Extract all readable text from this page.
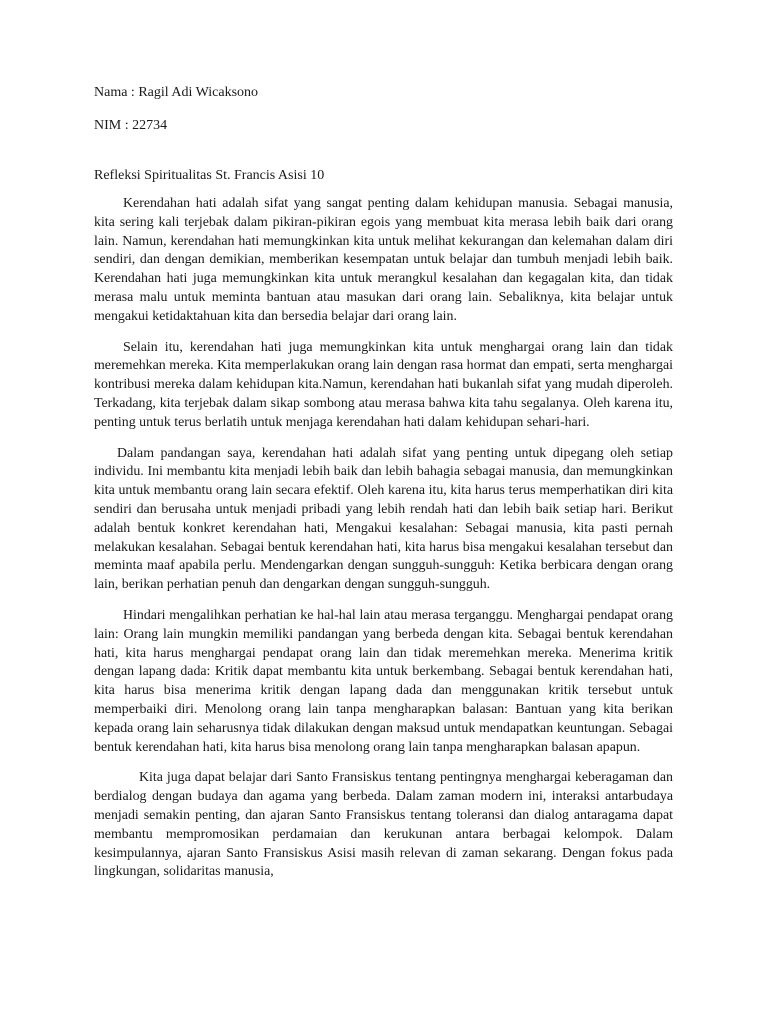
Nama : Ragil Adi Wicaksono

NIM : 22734

Refleksi Spiritualitas St. Francis Asisi 10

Kerendahan hati adalah sifat yang sangat penting dalam kehidupan manusia. Sebagai manusia, kita sering kali terjebak dalam pikiran-pikiran egois yang membuat kita merasa lebih baik dari orang lain. Namun, kerendahan hati memungkinkan kita untuk melihat kekurangan dan kelemahan dalam diri sendiri, dan dengan demikian, memberikan kesempatan untuk belajar dan tumbuh menjadi lebih baik. Kerendahan hati juga memungkinkan kita untuk merangkul kesalahan dan kegagalan kita, dan tidak merasa malu untuk meminta bantuan atau masukan dari orang lain. Sebaliknya, kita belajar untuk mengakui ketidaktahuan kita dan bersedia belajar dari orang lain.

Selain itu, kerendahan hati juga memungkinkan kita untuk menghargai orang lain dan tidak meremehkan mereka. Kita memperlakukan orang lain dengan rasa hormat dan empati, serta menghargai kontribusi mereka dalam kehidupan kita.Namun, kerendahan hati bukanlah sifat yang mudah diperoleh. Terkadang, kita terjebak dalam sikap sombong atau merasa bahwa kita tahu segalanya. Oleh karena itu, penting untuk terus berlatih untuk menjaga kerendahan hati dalam kehidupan sehari-hari.

Dalam pandangan saya, kerendahan hati adalah sifat yang penting untuk dipegang oleh setiap individu. Ini membantu kita menjadi lebih baik dan lebih bahagia sebagai manusia, dan memungkinkan kita untuk membantu orang lain secara efektif. Oleh karena itu, kita harus terus memperhatikan diri kita sendiri dan berusaha untuk menjadi pribadi yang lebih rendah hati dan lebih baik setiap hari. Berikut adalah bentuk konkret kerendahan hati, Mengakui kesalahan: Sebagai manusia, kita pasti pernah melakukan kesalahan. Sebagai bentuk kerendahan hati, kita harus bisa mengakui kesalahan tersebut dan meminta maaf apabila perlu. Mendengarkan dengan sungguh-sungguh: Ketika berbicara dengan orang lain, berikan perhatian penuh dan dengarkan dengan sungguh-sungguh.

Hindari mengalihkan perhatian ke hal-hal lain atau merasa terganggu. Menghargai pendapat orang lain: Orang lain mungkin memiliki pandangan yang berbeda dengan kita. Sebagai bentuk kerendahan hati, kita harus menghargai pendapat orang lain dan tidak meremehkan mereka. Menerima kritik dengan lapang dada: Kritik dapat membantu kita untuk berkembang. Sebagai bentuk kerendahan hati, kita harus bisa menerima kritik dengan lapang dada dan menggunakan kritik tersebut untuk memperbaiki diri. Menolong orang lain tanpa mengharapkan balasan: Bantuan yang kita berikan kepada orang lain seharusnya tidak dilakukan dengan maksud untuk mendapatkan keuntungan. Sebagai bentuk kerendahan hati, kita harus bisa menolong orang lain tanpa mengharapkan balasan apapun.

Kita juga dapat belajar dari Santo Fransiskus tentang pentingnya menghargai keberagaman dan berdialog dengan budaya dan agama yang berbeda. Dalam zaman modern ini, interaksi antarbudaya menjadi semakin penting, dan ajaran Santo Fransiskus tentang toleransi dan dialog antaragama dapat membantu mempromosikan perdamaian dan kerukunan antara berbagai kelompok. Dalam kesimpulannya, ajaran Santo Fransiskus Asisi masih relevan di zaman sekarang. Dengan fokus pada lingkungan, solidaritas manusia,
